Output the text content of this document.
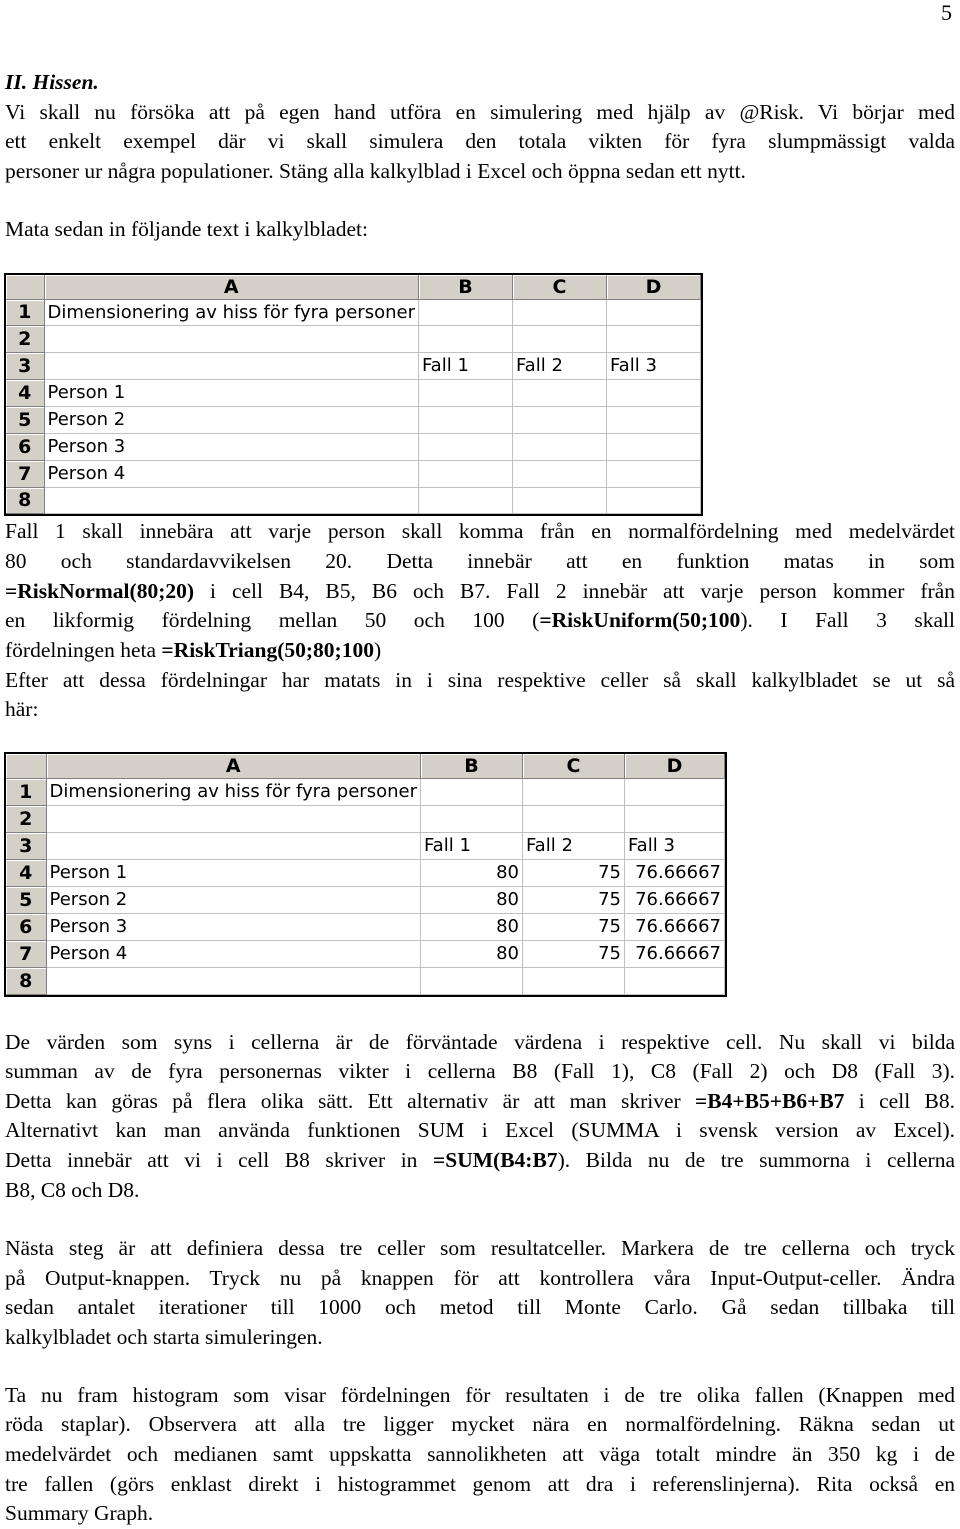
5
II. Hissen.
Vi skall nu försöka att på egen hand utföra en simulering med hjälp av @Risk. Vi börjar med
ett enkelt exempel där vi skall simulera den totala vikten för fyra slumpmässigt valda
personer ur några populationer. Stäng alla kalkylblad i Excel och öppna sedan ett nytt.
Mata sedan in följande text i kalkylbladet:
	A	B	C	D
1	Dimensionering av hiss för fyra personer			
2				
3		Fall 1	Fall 2	Fall 3
4	Person 1			
5	Person 2			
6	Person 3			
7	Person 4			
8				
Fall 1 skall innebära att varje person skall komma från en normalfördelning med medelvärdet
80 och standardavvikelsen 20. Detta innebär att en funktion matas in som
=RiskNormal(80;20) i cell B4, B5, B6 och B7. Fall 2 innebär att varje person kommer från
en likformig fördelning mellan 50 och 100 (=RiskUniform(50;100). I Fall 3 skall
fördelningen heta =RiskTriang(50;80;100)
Efter att dessa fördelningar har matats in i sina respektive celler så skall kalkylbladet se ut så
här:
	A	B	C	D
1	Dimensionering av hiss för fyra personer			
2				
3		Fall 1	Fall 2	Fall 3
4	Person 1	80	75	76.66667
5	Person 2	80	75	76.66667
6	Person 3	80	75	76.66667
7	Person 4	80	75	76.66667
8				
De värden som syns i cellerna är de förväntade värdena i respektive cell. Nu skall vi bilda
summan av de fyra personernas vikter i cellerna B8 (Fall 1), C8 (Fall 2) och D8 (Fall 3).
Detta kan göras på flera olika sätt. Ett alternativ är att man skriver =B4+B5+B6+B7 i cell B8.
Alternativt kan man använda funktionen SUM i Excel (SUMMA i svensk version av Excel).
Detta innebär att vi i cell B8 skriver in =SUM(B4:B7). Bilda nu de tre summorna i cellerna
B8, C8 och D8.
Nästa steg är att definiera dessa tre celler som resultatceller. Markera de tre cellerna och tryck
på Output-knappen. Tryck nu på knappen för att kontrollera våra Input-Output-celler. Ändra
sedan antalet iterationer till 1000 och metod till Monte Carlo. Gå sedan tillbaka till
kalkylbladet och starta simuleringen.
Ta nu fram histogram som visar fördelningen för resultaten i de tre olika fallen (Knappen med
röda staplar). Observera att alla tre ligger mycket nära en normalfördelning. Räkna sedan ut
medelvärdet och medianen samt uppskatta sannolikheten att väga totalt mindre än 350 kg i de
tre fallen (görs enklast direkt i histogrammet genom att dra i referenslinjerna). Rita också en
Summary Graph.
